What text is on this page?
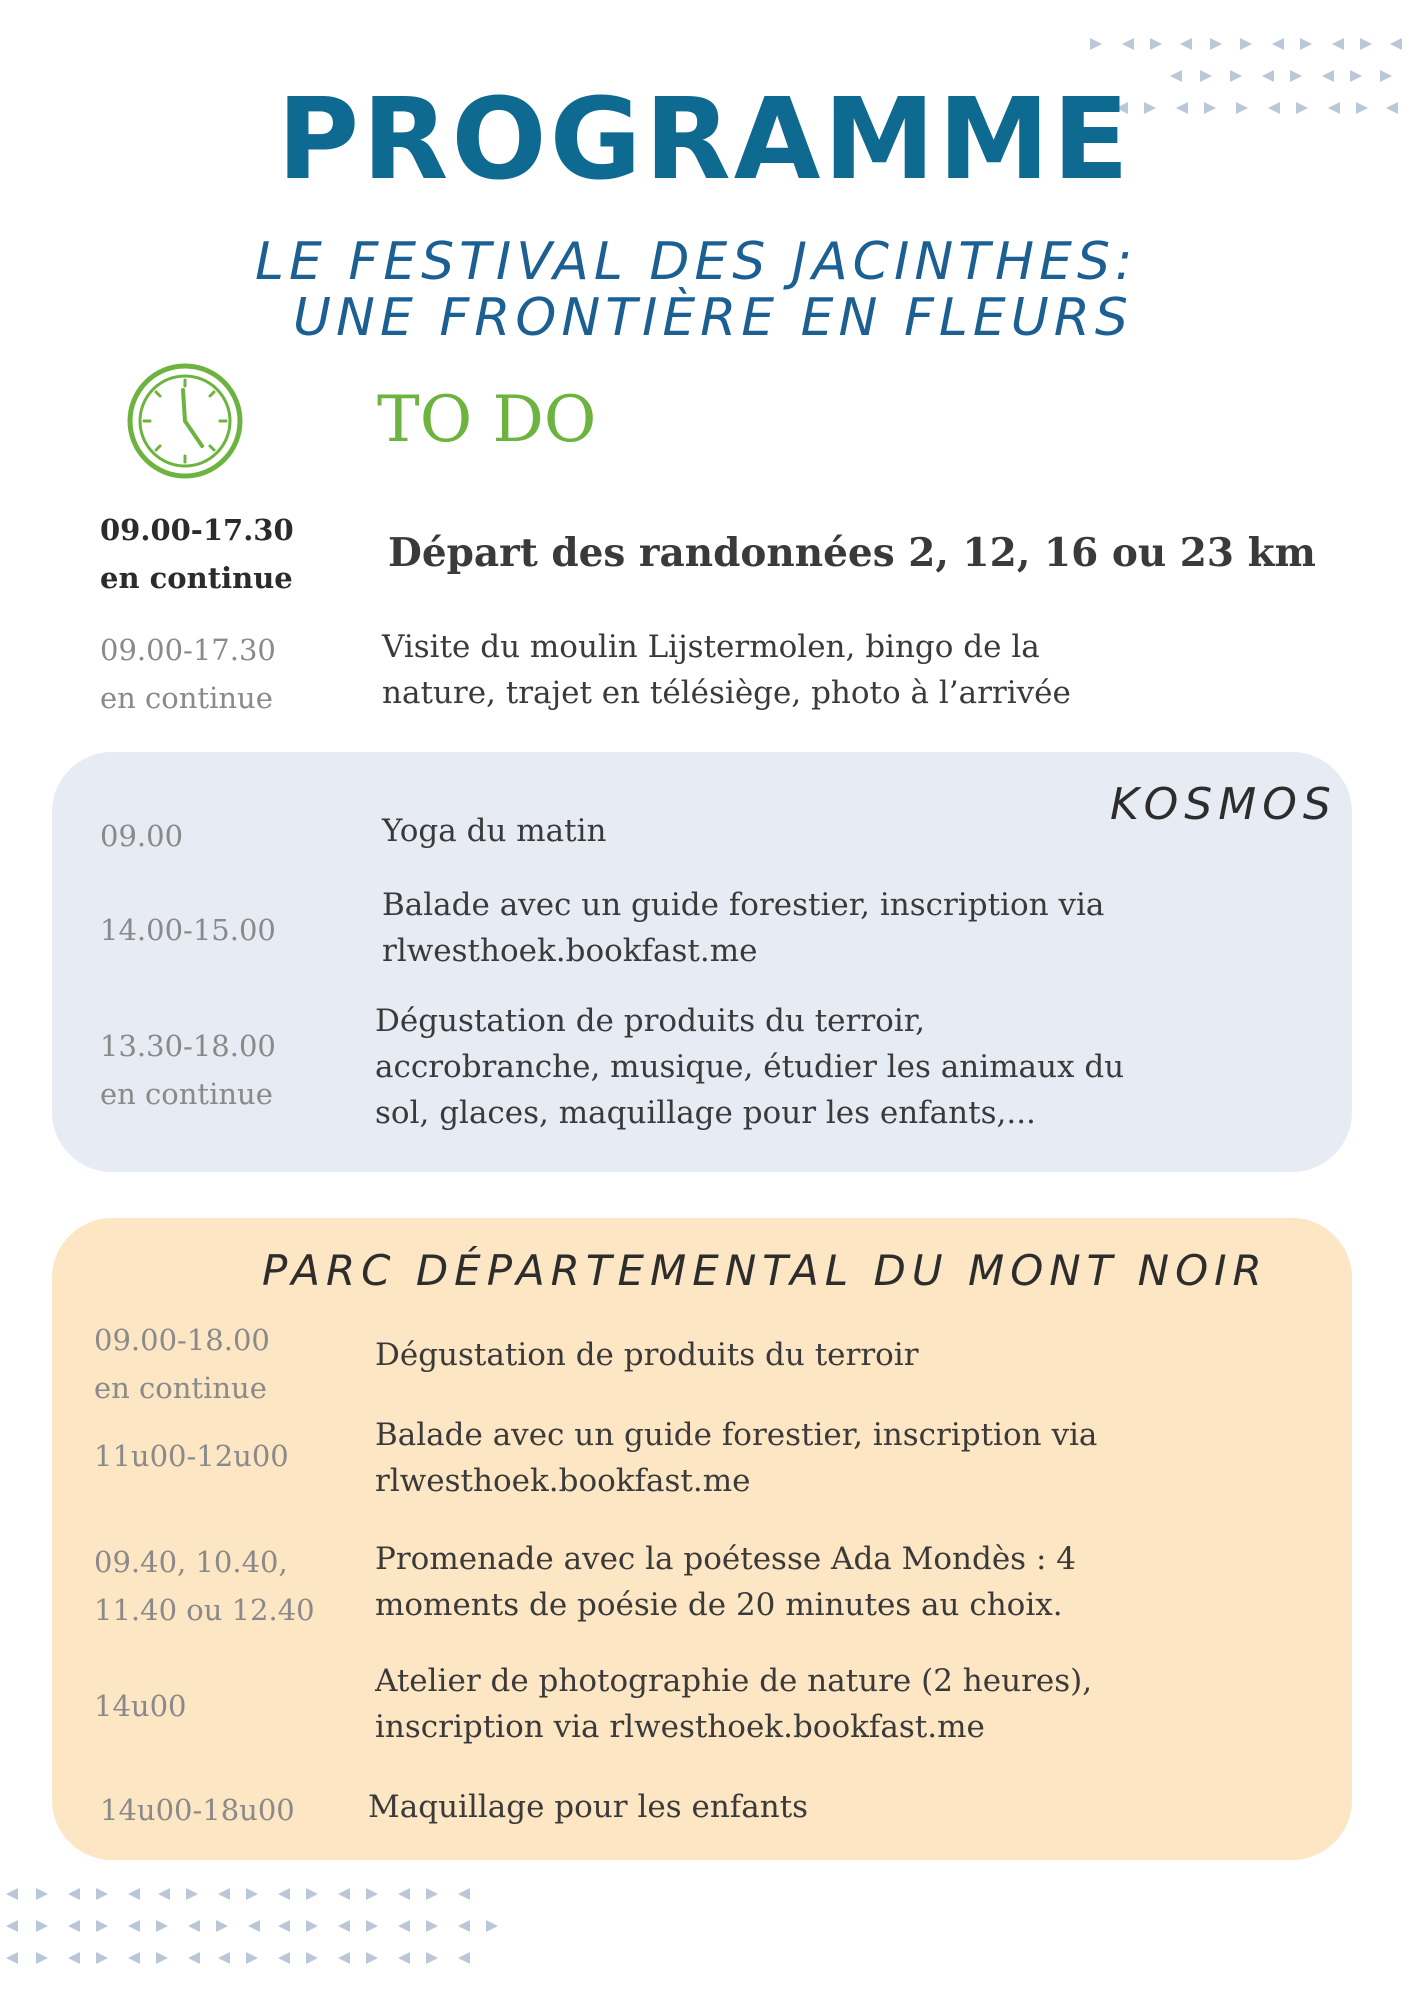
PROGRAMME
LE FESTIVAL DES JACINTHES:
UNE FRONTIÈRE EN FLEURS
TO DO
09.00-17.30
en continue
Départ des randonnées 2, 12, 16 ou 23 km
09.00-17.30
en continue
Visite du moulin Lijstermolen, bingo de la
nature, trajet en télésiège, photo à l’arrivée
KOSMOS
09.00	Yoga du matin
14.00-15.00
Balade avec un guide forestier, inscription via
rlwesthoek.bookfast.me
13.30-18.00
en continue
Dégustation de produits du terroir,
accrobranche, musique, étudier les animaux du
sol, glaces, maquillage pour les enfants,...
PARC DÉPARTEMENTAL DU MONT NOIR
09.00-18.00
en continue
Dégustation de produits du terroir
11u00-12u00
Balade avec un guide forestier, inscription via
rlwesthoek.bookfast.me
09.40, 10.40,
11.40 ou 12.40
Promenade avec la poétesse Ada Mondès : 4
moments de poésie de 20 minutes au choix.
14u00
Atelier de photographie de nature (2 heures),
inscription via rlwesthoek.bookfast.me
14u00-18u00 Maquillage pour les enfants
